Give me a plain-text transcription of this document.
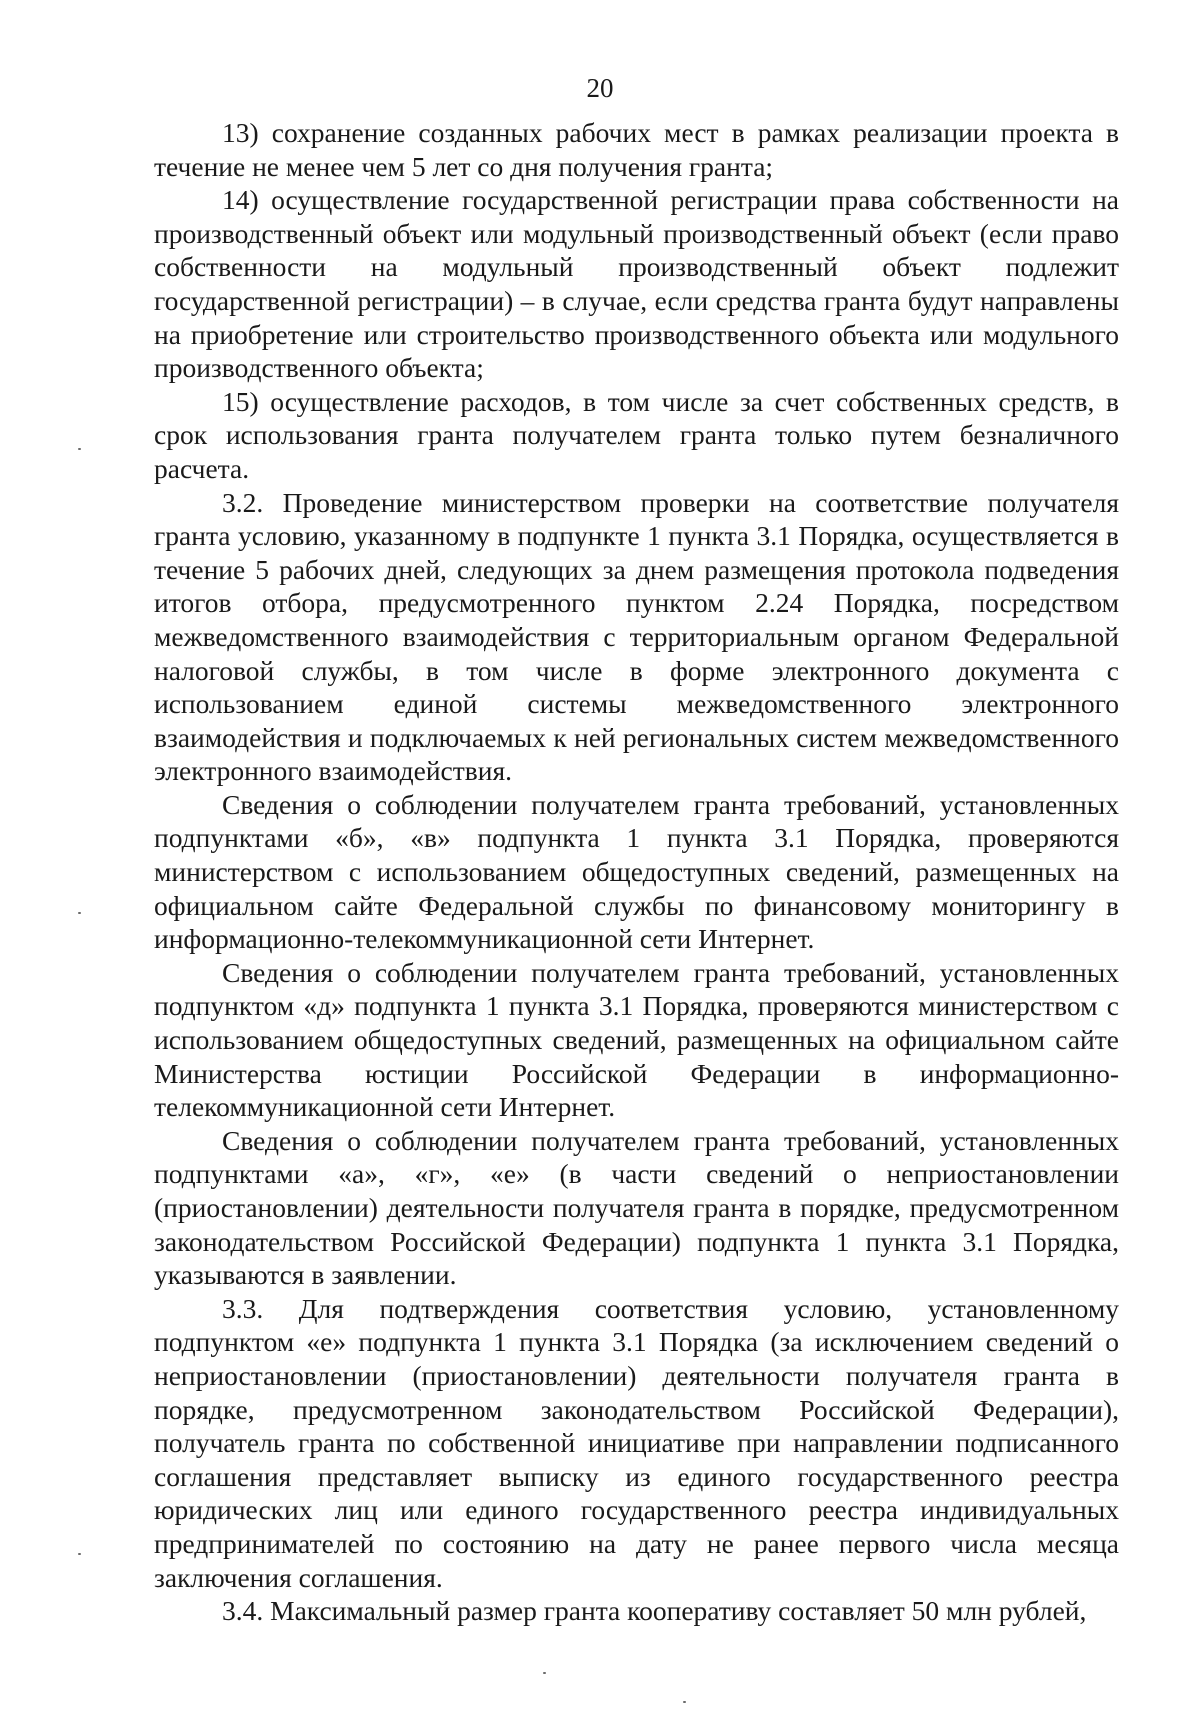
20

13) сохранение созданных рабочих мест в рамках реализации проекта в течение не менее чем 5 лет со дня получения гранта;

14) осуществление государственной регистрации права собственности на производственный объект или модульный производственный объект (если право собственности на модульный производственный объект подлежит государственной регистрации) – в случае, если средства гранта будут направлены на приобретение или строительство производственного объекта или модульного производственного объекта;

15) осуществление расходов, в том числе за счет собственных средств, в срок использования гранта получателем гранта только путем безналичного расчета.

3.2. Проведение министерством проверки на соответствие получателя гранта условию, указанному в подпункте 1 пункта 3.1 Порядка, осуществляется в течение 5 рабочих дней, следующих за днем размещения протокола подведения итогов отбора, предусмотренного пунктом 2.24 Порядка, посредством межведомственного взаимодействия с территориальным органом Федеральной налоговой службы, в том числе в форме электронного документа с использованием единой системы межведомственного электронного взаимодействия и подключаемых к ней региональных систем межведомственного электронного взаимодействия.

Сведения о соблюдении получателем гранта требований, установленных подпунктами «б», «в» подпункта 1 пункта 3.1 Порядка, проверяются министерством с использованием общедоступных сведений, размещенных на официальном сайте Федеральной службы по финансовому мониторингу в информационно-телекоммуникационной сети Интернет.

Сведения о соблюдении получателем гранта требований, установленных подпунктом «д» подпункта 1 пункта 3.1 Порядка, проверяются министерством с использованием общедоступных сведений, размещенных на официальном сайте Министерства юстиции Российской Федерации в информационно-телекоммуникационной сети Интернет.

Сведения о соблюдении получателем гранта требований, установленных подпунктами «а», «г», «е» (в части сведений о неприостановлении (приостановлении) деятельности получателя гранта в порядке, предусмотренном законодательством Российской Федерации) подпункта 1 пункта 3.1 Порядка, указываются в заявлении.

3.3. Для подтверждения соответствия условию, установленному подпунктом «е» подпункта 1 пункта 3.1 Порядка (за исключением сведений о неприостановлении (приостановлении) деятельности получателя гранта в порядке, предусмотренном законодательством Российской Федерации), получатель гранта по собственной инициативе при направлении подписанного соглашения представляет выписку из единого государственного реестра юридических лиц или единого государственного реестра индивидуальных предпринимателей по состоянию на дату не ранее первого числа месяца заключения соглашения.

3.4. Максимальный размер гранта кооперативу составляет 50 млн рублей,
